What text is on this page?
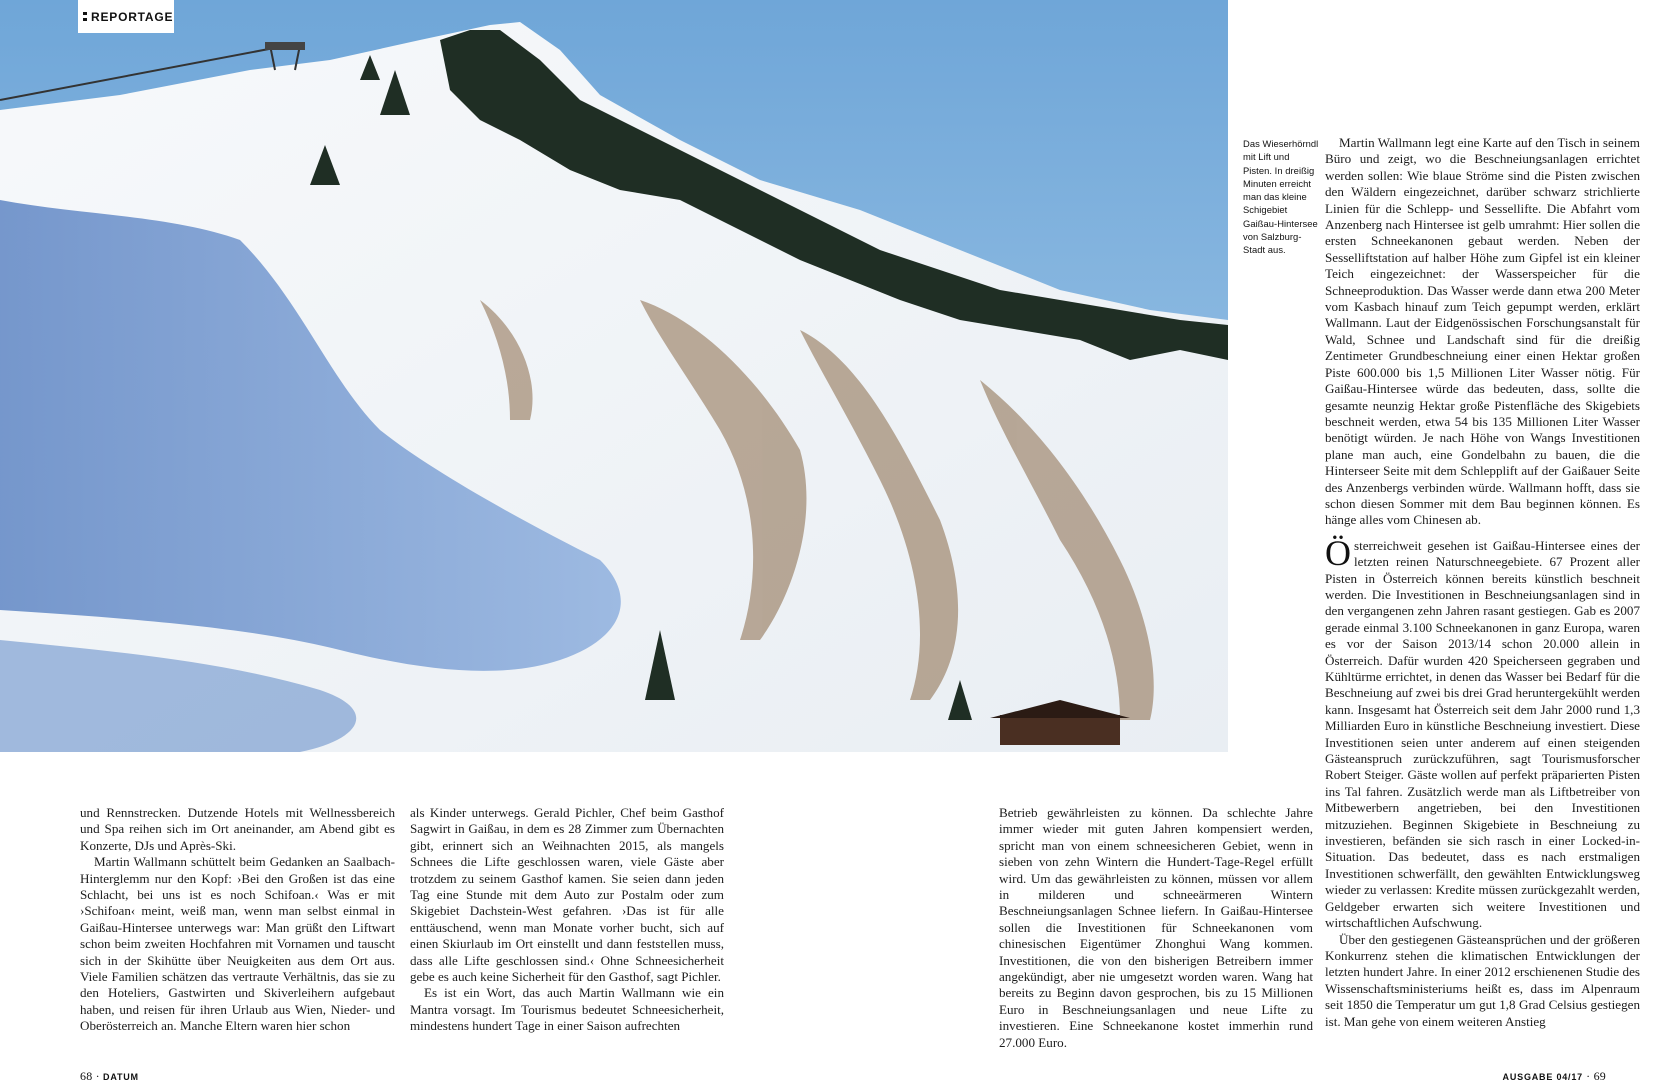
REPORTAGE
Das Wieserhörndl mit Lift und Pisten. In dreißig Minuten erreicht man das kleine Schigebiet Gaißau-Hintersee von Salzburg-Stadt aus.

und Rennstrecken. Dutzende Hotels mit Wellnessbereich und Spa reihen sich im Ort aneinander, am Abend gibt es Konzerte, DJs und Après-Ski.

Martin Wallmann schüttelt beim Gedanken an Saalbach-Hinterglemm nur den Kopf: ›Bei den Großen ist das eine Schlacht, bei uns ist es noch Schifoan.‹ Was er mit ›Schifoan‹ meint, weiß man, wenn man selbst einmal in Gaißau-Hintersee unterwegs war: Man grüßt den Liftwart schon beim zweiten Hochfahren mit Vornamen und tauscht sich in der Skihütte über Neuigkeiten aus dem Ort aus. Viele Familien schätzen das vertraute Verhältnis, das sie zu den Hoteliers, Gastwirten und Skiverleihern aufgebaut haben, und reisen für ihren Urlaub aus Wien, Nieder- und Oberösterreich an. Manche Eltern waren hier schon

als Kinder unterwegs. Gerald Pichler, Chef beim Gasthof Sagwirt in Gaißau, in dem es 28 Zimmer zum Übernachten gibt, erinnert sich an Weihnachten 2015, als mangels Schnees die Lifte geschlossen waren, viele Gäste aber trotzdem zu seinem Gasthof kamen. Sie seien dann jeden Tag eine Stunde mit dem Auto zur Postalm oder zum Skigebiet Dachstein-West gefahren. ›Das ist für alle enttäuschend, wenn man Monate vorher bucht, sich auf einen Skiurlaub im Ort einstellt und dann feststellen muss, dass alle Lifte geschlossen sind.‹ Ohne Schneesicherheit gebe es auch keine Sicherheit für den Gasthof, sagt Pichler.

Es ist ein Wort, das auch Martin Wallmann wie ein Mantra vorsagt. Im Tourismus bedeutet Schneesicherheit, mindestens hundert Tage in einer Saison aufrechten

Betrieb gewährleisten zu können. Da schlechte Jahre immer wieder mit guten Jahren kompensiert werden, spricht man von einem schneesicheren Gebiet, wenn in sieben von zehn Wintern die Hundert-Tage-Regel erfüllt wird. Um das gewährleisten zu können, müssen vor allem in milderen und schneeärmeren Wintern Beschneiungsanlagen Schnee liefern. In Gaißau-Hintersee sollen die Investitionen für Schneekanonen vom chinesischen Eigentümer Zhonghui Wang kommen. Investitionen, die von den bisherigen Betreibern immer angekündigt, aber nie umgesetzt worden waren. Wang hat bereits zu Beginn davon gesprochen, bis zu 15 Millionen Euro in Beschneiungsanlagen und neue Lifte zu investieren. Eine Schneekanone kostet immerhin rund 27.000 Euro.

Martin Wallmann legt eine Karte auf den Tisch in seinem Büro und zeigt, wo die Beschneiungsanlagen errichtet werden sollen: Wie blaue Ströme sind die Pisten zwischen den Wäldern eingezeichnet, darüber schwarz strichlierte Linien für die Schlepp- und Sessellifte. Die Abfahrt vom Anzenberg nach Hintersee ist gelb umrahmt: Hier sollen die ersten Schneekanonen gebaut werden. Neben der Sesselliftstation auf halber Höhe zum Gipfel ist ein kleiner Teich eingezeichnet: der Wasserspeicher für die Schneeproduktion. Das Wasser werde dann etwa 200 Meter vom Kasbach hinauf zum Teich gepumpt werden, erklärt Wallmann. Laut der Eidgenössischen Forschungsanstalt für Wald, Schnee und Landschaft sind für die dreißig Zentimeter Grundbeschneiung einer einen Hektar großen Piste 600.000 bis 1,5 Millionen Liter Wasser nötig. Für Gaißau-Hintersee würde das bedeuten, dass, sollte die gesamte neunzig Hektar große Pistenfläche des Skigebiets beschneit werden, etwa 54 bis 135 Millionen Liter Wasser benötigt würden. Je nach Höhe von Wangs Investitionen plane man auch, eine Gondelbahn zu bauen, die die Hinterseer Seite mit dem Schlepplift auf der Gaißauer Seite des Anzenbergs verbinden würde. Wallmann hofft, dass sie schon diesen Sommer mit dem Bau beginnen können. Es hänge alles vom Chinesen ab.

Österreichweit gesehen ist Gaißau-Hintersee eines der letzten reinen Naturschneegebiete. 67 Prozent aller Pisten in Österreich können bereits künstlich beschneit werden. Die Investitionen in Beschneiungsanlagen sind in den vergangenen zehn Jahren rasant gestiegen. Gab es 2007 gerade einmal 3.100 Schneekanonen in ganz Europa, waren es vor der Saison 2013/14 schon 20.000 allein in Österreich. Dafür wurden 420 Speicherseen gegraben und Kühltürme errichtet, in denen das Wasser bei Bedarf für die Beschneiung auf zwei bis drei Grad heruntergekühlt werden kann. Insgesamt hat Österreich seit dem Jahr 2000 rund 1,3 Milliarden Euro in künstliche Beschneiung investiert. Diese Investitionen seien unter anderem auf einen steigenden Gästeanspruch zurückzuführen, sagt Tourismusforscher Robert Steiger. Gäste wollen auf perfekt präparierten Pisten ins Tal fahren. Zusätzlich werde man als Liftbetreiber von Mitbewerbern angetrieben, bei den Investitionen mitzuziehen. Beginnen Skigebiete in Beschneiung zu investieren, befänden sie sich rasch in einer Locked-in-Situation. Das bedeutet, dass es nach erstmaligen Investitionen schwerfällt, den gewählten Entwicklungsweg wieder zu verlassen: Kredite müssen zurückgezahlt werden, Geldgeber erwarten sich weitere Investitionen und wirtschaftlichen Aufschwung.

Über den gestiegenen Gästeansprüchen und der größeren Konkurrenz stehen die klimatischen Entwicklungen der letzten hundert Jahre. In einer 2012 erschienenen Studie des Wissenschaftsministeriums heißt es, dass im Alpenraum seit 1850 die Temperatur um gut 1,8 Grad Celsius gestiegen ist. Man gehe von einem weiteren Anstieg

68 · DATUM	AUSGABE 04/17 · 69
